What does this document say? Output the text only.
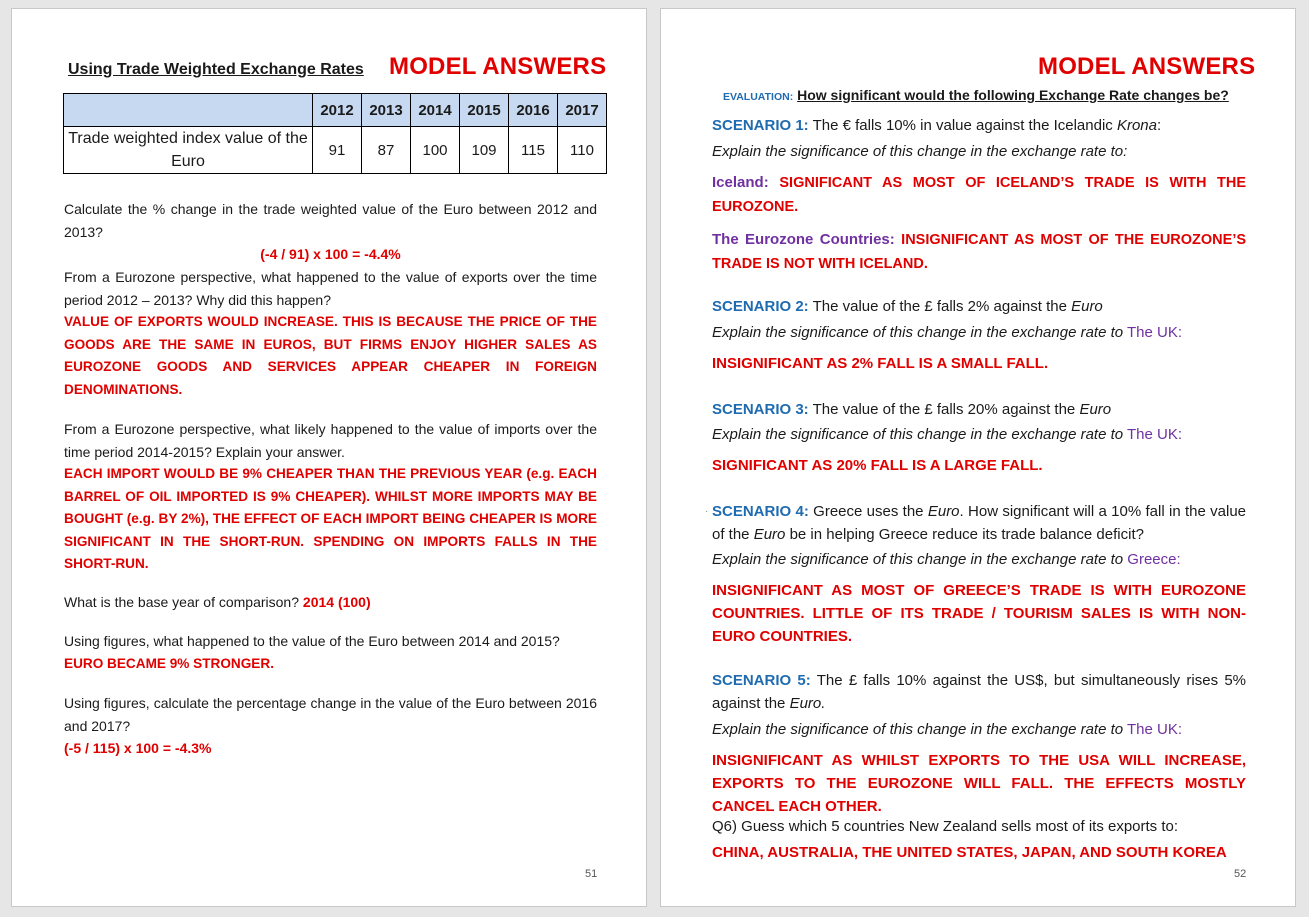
Using Trade Weighted Exchange Rates MODEL ANSWERS
	2012	2013	2014	2015	2016	2017
Trade weighted index value of the Euro	91	87	100	109	115	110
Calculate the % change in the trade weighted value of the Euro between 2012 and 2013?
(-4 / 91) x 100 = -4.4%
From a Eurozone perspective, what happened to the value of exports over the time period 2012 – 2013? Why did this happen?
VALUE OF EXPORTS WOULD INCREASE. THIS IS BECAUSE THE PRICE OF THE GOODS ARE THE SAME IN EUROS, BUT FIRMS ENJOY HIGHER SALES AS EUROZONE GOODS AND SERVICES APPEAR CHEAPER IN FOREIGN DENOMINATIONS.
From a Eurozone perspective, what likely happened to the value of imports over the time period 2014-2015? Explain your answer.
EACH IMPORT WOULD BE 9% CHEAPER THAN THE PREVIOUS YEAR (e.g. EACH BARREL OF OIL IMPORTED IS 9% CHEAPER). WHILST MORE IMPORTS MAY BE BOUGHT (e.g. BY 2%), THE EFFECT OF EACH IMPORT BEING CHEAPER IS MORE SIGNIFICANT IN THE SHORT-RUN. SPENDING ON IMPORTS FALLS IN THE SHORT-RUN.
What is the base year of comparison? 2014 (100)
Using figures, what happened to the value of the Euro between 2014 and 2015?
EURO BECAME 9% STRONGER.
Using figures, calculate the percentage change in the value of the Euro between 2016 and 2017?
(-5 / 115) x 100 = -4.3%
51
MODEL ANSWERS
EVALUATION: How significant would the following Exchange Rate changes be?
SCENARIO 1: The € falls 10% in value against the Icelandic Krona:
Explain the significance of this change in the exchange rate to:
Iceland: SIGNIFICANT AS MOST OF ICELAND’S TRADE IS WITH THE EUROZONE.
The Eurozone Countries: INSIGNIFICANT AS MOST OF THE EUROZONE’S TRADE IS NOT WITH ICELAND.
SCENARIO 2: The value of the £ falls 2% against the Euro
Explain the significance of this change in the exchange rate to The UK:
INSIGNIFICANT AS 2% FALL IS A SMALL FALL.
SCENARIO 3: The value of the £ falls 20% against the Euro
Explain the significance of this change in the exchange rate to The UK:
SIGNIFICANT AS 20% FALL IS A LARGE FALL.
· SCENARIO 4: Greece uses the Euro. How significant will a 10% fall in the value of the Euro be in helping Greece reduce its trade balance deficit?
Explain the significance of this change in the exchange rate to Greece:
INSIGNIFICANT AS MOST OF GREECE’S TRADE IS WITH EUROZONE COUNTRIES. LITTLE OF ITS TRADE / TOURISM SALES IS WITH NON-EURO COUNTRIES.
SCENARIO 5: The £ falls 10% against the US$, but simultaneously rises 5% against the Euro.
Explain the significance of this change in the exchange rate to The UK:
INSIGNIFICANT AS WHILST EXPORTS TO THE USA WILL INCREASE, EXPORTS TO THE EUROZONE WILL FALL. THE EFFECTS MOSTLY CANCEL EACH OTHER.
Q6) Guess which 5 countries New Zealand sells most of its exports to:
CHINA, AUSTRALIA, THE UNITED STATES, JAPAN, AND SOUTH KOREA
52
